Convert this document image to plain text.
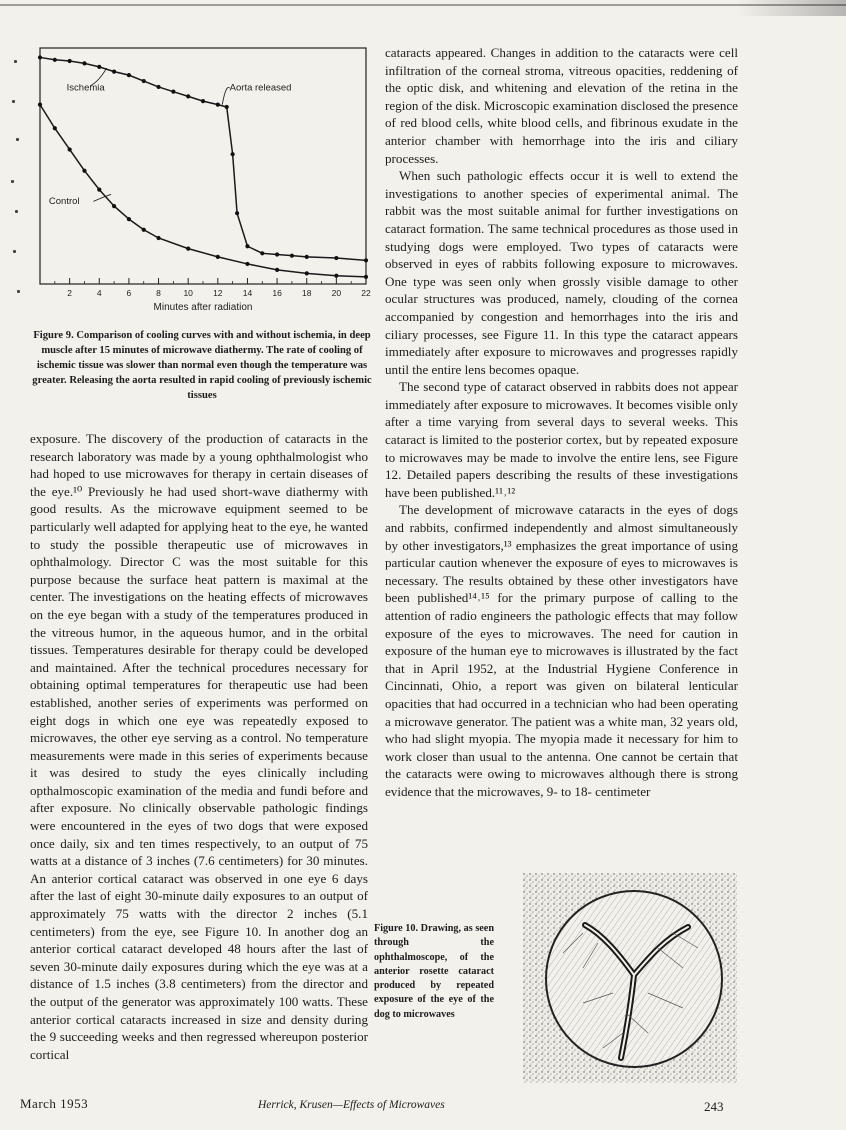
2	4	6	8	10 12 14 16 18 20 22
Minutes after radiation
Ischemia	Aorta released
Control
Figure 9. Comparison of cooling curves with and without ischemia, in deep muscle after 15 minutes of microwave diathermy. The rate of cooling of ischemic tissue was slower than normal even though the temperature was greater. Releasing the aorta resulted in rapid cooling of previously ischemic tissues

exposure. The discovery of the production of cataracts in the research laboratory was made by a young ophthalmologist who had hoped to use microwaves for therapy in certain diseases of the eye.¹⁰ Previously he had used short-wave diathermy with good results. As the microwave equipment seemed to be particularly well adapted for applying heat to the eye, he wanted to study the possible therapeutic use of microwaves in ophthalmology. Director C was the most suitable for this purpose because the surface heat pattern is maximal at the center. The investigations on the heating effects of microwaves on the eye began with a study of the temperatures produced in the vitreous humor, in the aqueous humor, and in the orbital tissues. Temperatures desirable for therapy could be developed and maintained. After the technical procedures necessary for obtaining optimal temperatures for therapeutic use had been established, another series of experiments was performed on eight dogs in which one eye was repeatedly exposed to microwaves, the other eye serving as a control. No temperature measurements were made in this series of experiments because it was desired to study the eyes clinically including opthalmoscopic examination of the media and fundi before and after exposure. No clinically observable pathologic findings were encountered in the eyes of two dogs that were exposed once daily, six and ten times respectively, to an output of 75 watts at a distance of 3 inches (7.6 centimeters) for 30 minutes. An anterior cortical cataract was observed in one eye 6 days after the last of eight 30-minute daily exposures to an output of approximately 75 watts with the director 2 inches (5.1 centimeters) from the eye, see Figure 10. In another dog an anterior cortical cataract developed 48 hours after the last of seven 30-minute daily exposures during which the eye was at a distance of 1.5 inches (3.8 centimeters) from the director and the output of the generator was approximately 100 watts. These anterior cortical cataracts increased in size and density during the 9 succeeding weeks and then regressed whereupon posterior cortical

cataracts appeared. Changes in addition to the cataracts were cell infiltration of the corneal stroma, vitreous opacities, reddening of the optic disk, and whitening and elevation of the retina in the region of the disk. Microscopic examination disclosed the presence of red blood cells, white blood cells, and fibrinous exudate in the anterior chamber with hemorrhage into the iris and ciliary processes.

When such pathologic effects occur it is well to extend the investigations to another species of experimental animal. The rabbit was the most suitable animal for further investigations on cataract formation. The same technical procedures as those used in studying dogs were employed. Two types of cataracts were observed in eyes of rabbits following exposure to microwaves. One type was seen only when grossly visible damage to other ocular structures was produced, namely, clouding of the cornea accompanied by congestion and hemorrhages into the iris and ciliary processes, see Figure 11. In this type the cataract appears immediately after exposure to microwaves and progresses rapidly until the entire lens becomes opaque.

The second type of cataract observed in rabbits does not appear immediately after exposure to microwaves. It becomes visible only after a time varying from several days to several weeks. This cataract is limited to the posterior cortex, but by repeated exposure to microwaves may be made to involve the entire lens, see Figure 12. Detailed papers describing the results of these investigations have been published.¹¹˒¹²

The development of microwave cataracts in the eyes of dogs and rabbits, confirmed independently and almost simultaneously by other investigators,¹³ emphasizes the great importance of using particular caution whenever the exposure of eyes to microwaves is necessary. The results obtained by these other investigators have been published¹⁴˒¹⁵ for the primary purpose of calling to the attention of radio engineers the pathologic effects that may follow exposure of the eyes to microwaves. The need for caution in exposure of the human eye to microwaves is illustrated by the fact that in April 1952, at the Industrial Hygiene Conference in Cincinnati, Ohio, a report was given on bilateral lenticular opacities that had occurred in a technician who had been operating a microwave generator. The patient was a white man, 32 years old, who had slight myopia. The myopia made it necessary for him to work closer than usual to the antenna. One cannot be certain that the cataracts were owing to microwaves although there is strong evidence that the microwaves, 9- to 18- centimeter

Figure 10. Drawing, as seen through the ophthalmoscope, of the anterior rosette cataract produced by repeated exposure of the eye of the dog to microwaves
March 1953	Herrick, Krusen—Effects of Microwaves	243
